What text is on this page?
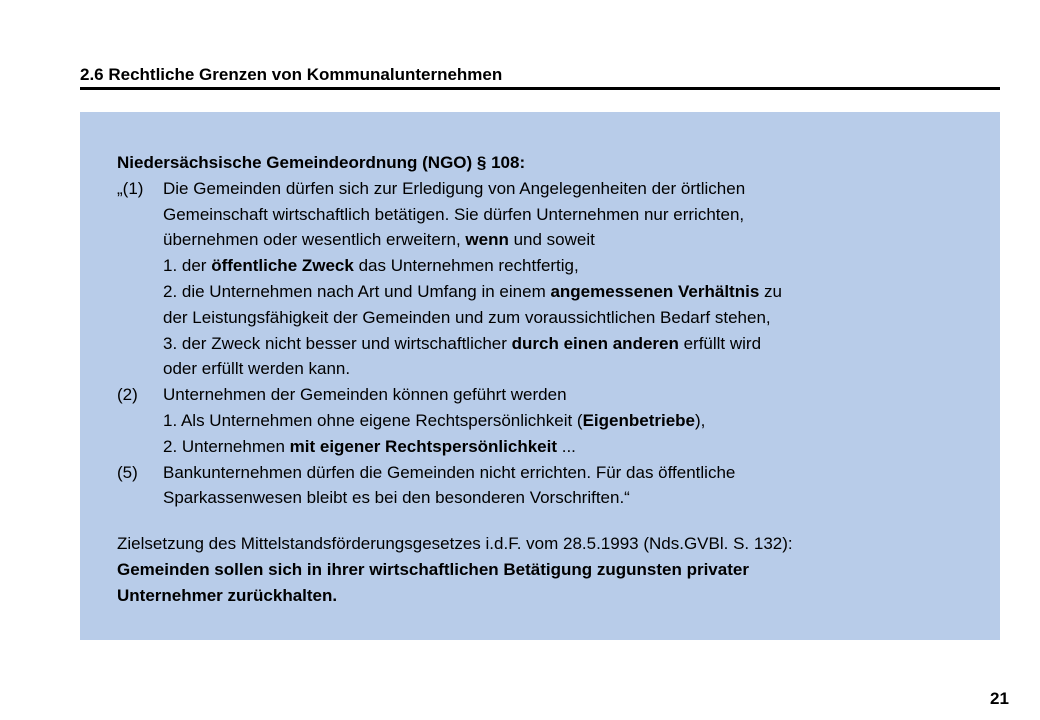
2.6 Rechtliche Grenzen von Kommunalunternehmen
Niedersächsische Gemeindeordnung (NGO) § 108:
„(1)	Die Gemeinden dürfen sich zur Erledigung von Angelegenheiten der örtlichen
Gemeinschaft wirtschaftlich betätigen. Sie dürfen Unternehmen nur errichten,
übernehmen oder wesentlich erweitern, wenn und soweit
1. der öffentliche Zweck das Unternehmen rechtfertig,
2. die Unternehmen nach Art und Umfang in einem angemessenen Verhältnis zu
der Leistungsfähigkeit der Gemeinden und zum voraussichtlichen Bedarf stehen,
3. der Zweck nicht besser und wirtschaftlicher durch einen anderen erfüllt wird
oder erfüllt werden kann.
(2)	Unternehmen der Gemeinden können geführt werden
1. Als Unternehmen ohne eigene Rechtspersönlichkeit (Eigenbetriebe),
2. Unternehmen mit eigener Rechtspersönlichkeit ...
(5)	Bankunternehmen dürfen die Gemeinden nicht errichten. Für das öffentliche
Sparkassenwesen bleibt es bei den besonderen Vorschriften.“
Zielsetzung des Mittelstandsförderungsgesetzes i.d.F. vom 28.5.1993 (Nds.GVBl. S. 132):
Gemeinden sollen sich in ihrer wirtschaftlichen Betätigung zugunsten privater
Unternehmer zurückhalten.
21
